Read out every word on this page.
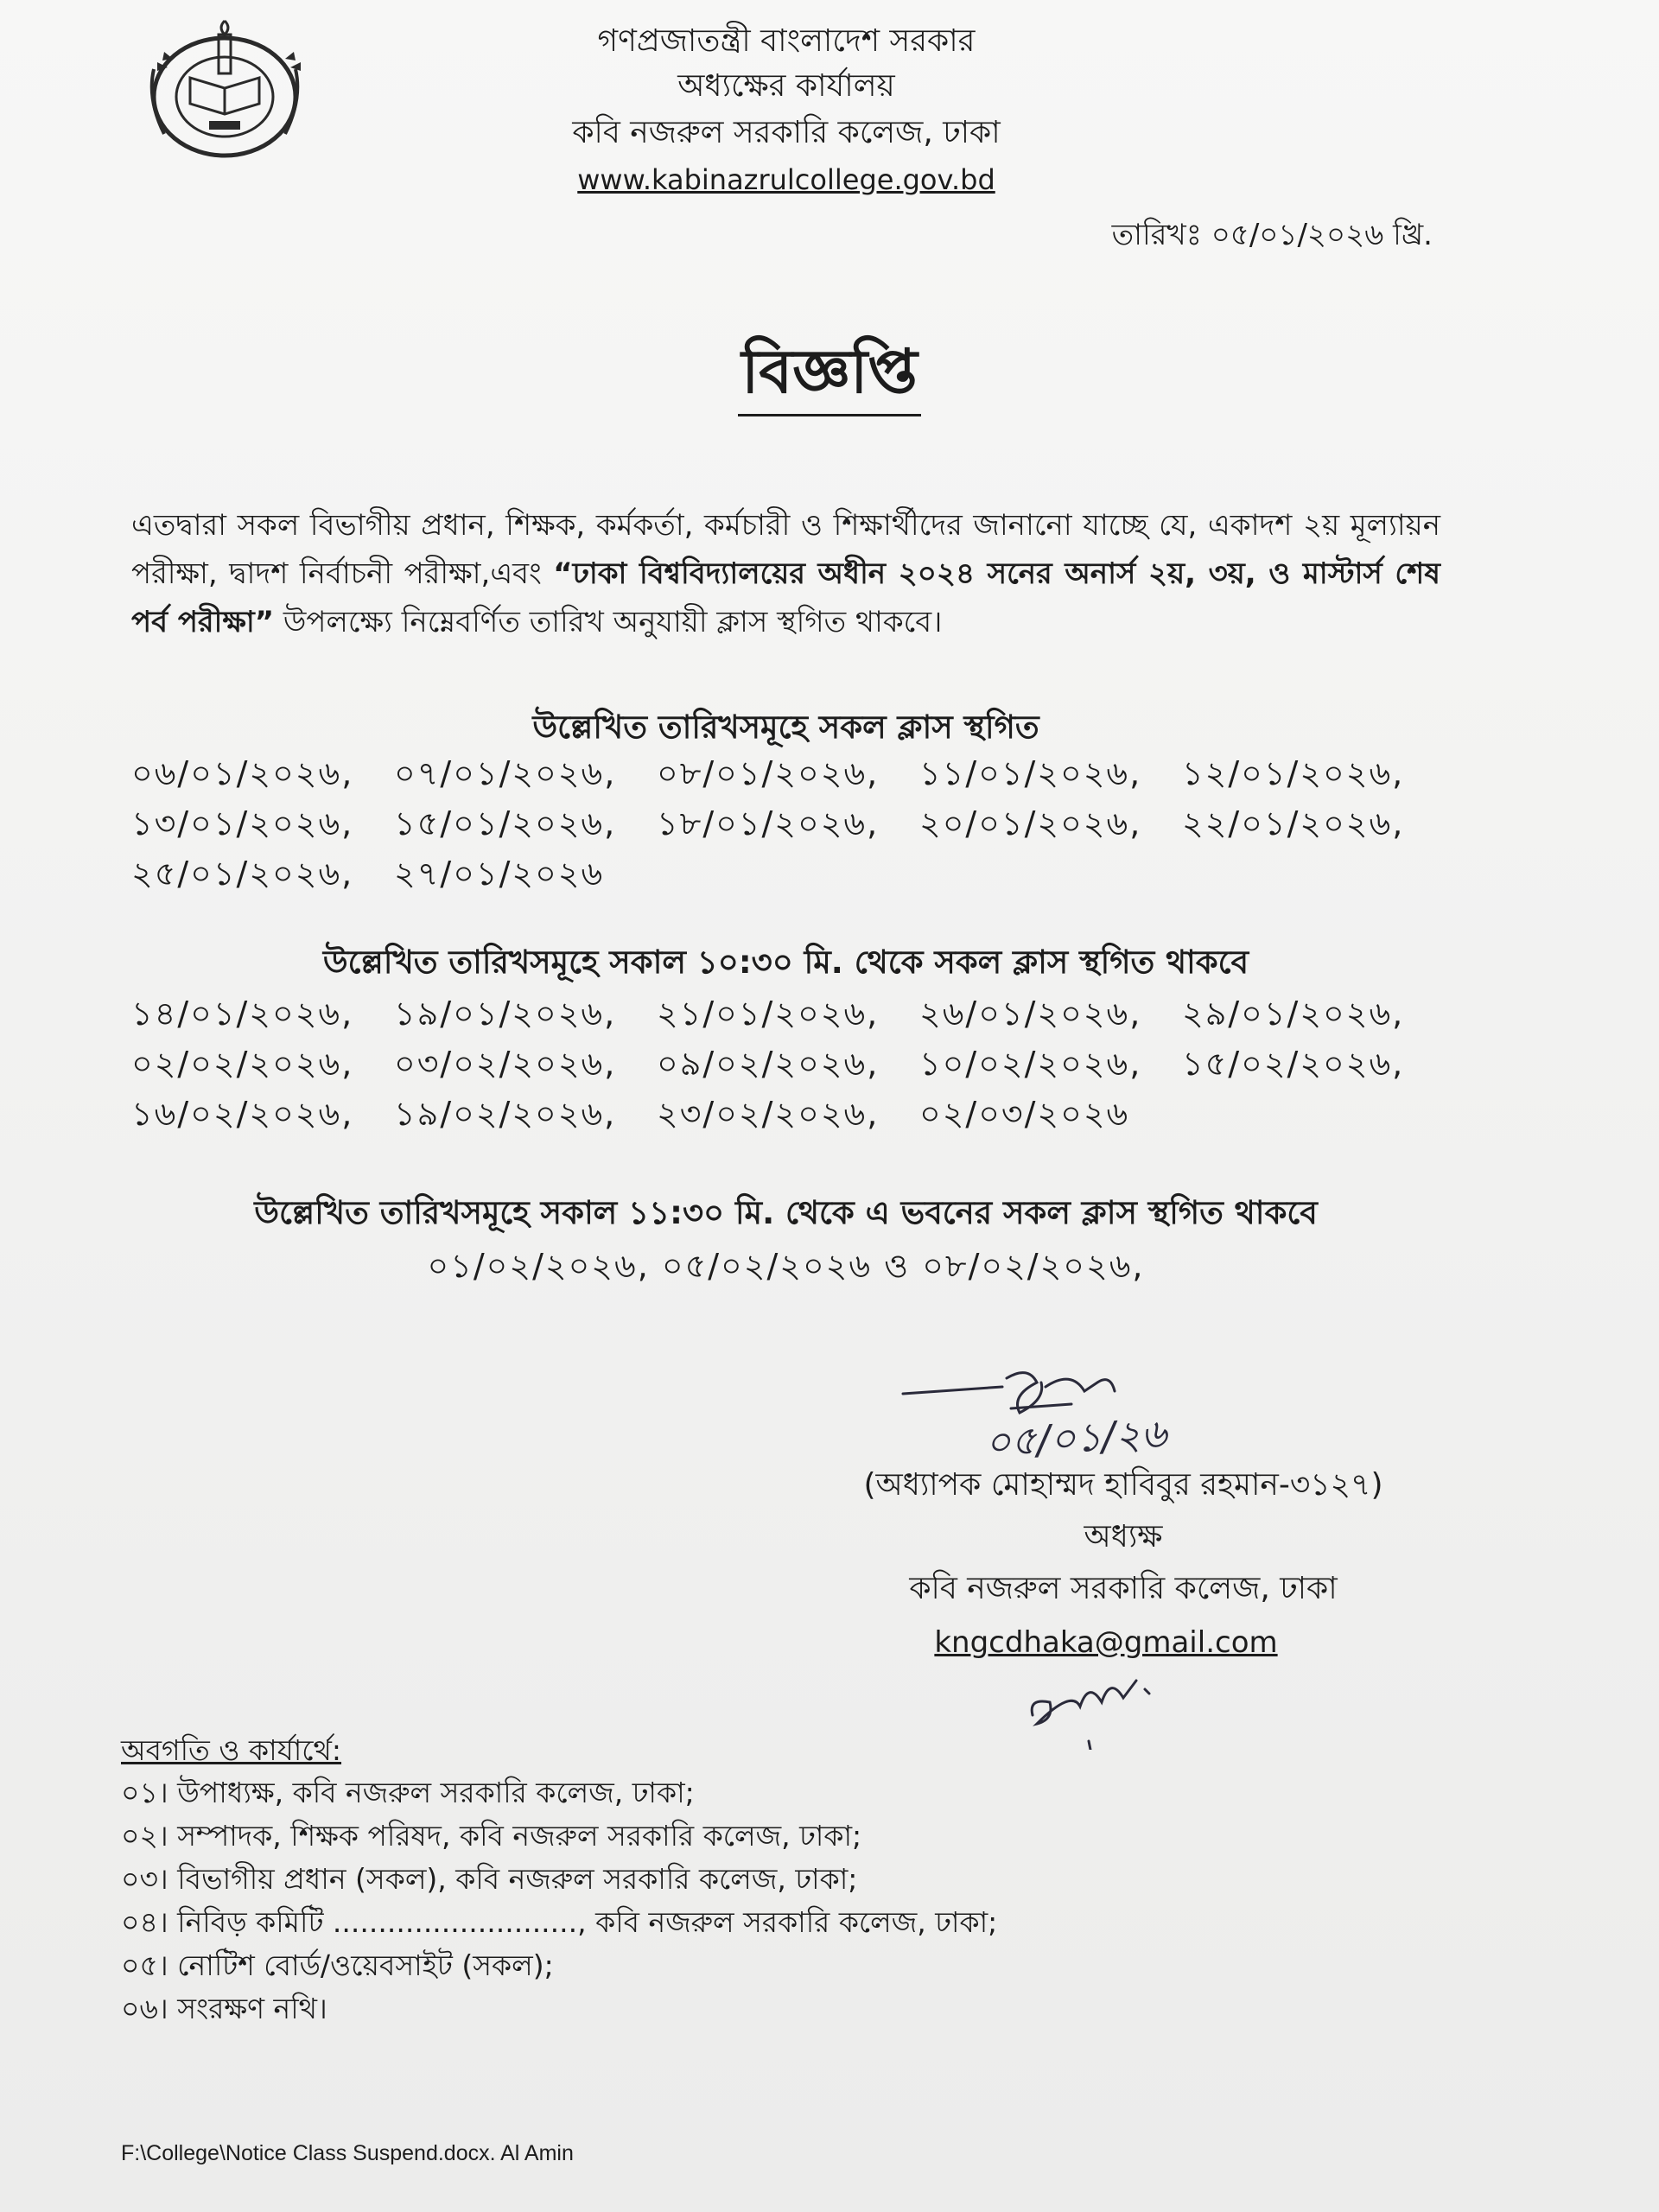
গণপ্রজাতন্ত্রী বাংলাদেশ সরকার
অধ্যক্ষের কার্যালয়
কবি নজরুল সরকারি কলেজ, ঢাকা
www.kabinazrulcollege.gov.bd
তারিখঃ ০৫/০১/২০২৬ খ্রি.
বিজ্ঞপ্তি
এতদ্বারা সকল বিভাগীয় প্রধান, শিক্ষক, কর্মকর্তা, কর্মচারী ও শিক্ষার্থীদের জানানো যাচ্ছে যে, একাদশ ২য় মূল্যায়ন পরীক্ষা, দ্বাদশ নির্বাচনী পরীক্ষা,এবং “ঢাকা বিশ্ববিদ্যালয়ের অধীন ২০২৪ সনের অনার্স ২য়, ৩য়, ও মাস্টার্স শেষ পর্ব পরীক্ষা” উপলক্ষ্যে নিম্নেবর্ণিত তারিখ অনুযায়ী ক্লাস স্থগিত থাকবে।
উল্লেখিত তারিখসমূহে সকল ক্লাস স্থগিত
০৬/০১/২০২৬,	০৭/০১/২০২৬,	০৮/০১/২০২৬,	১১/০১/২০২৬,	১২/০১/২০২৬,
১৩/০১/২০২৬,	১৫/০১/২০২৬,	১৮/০১/২০২৬,	২০/০১/২০২৬,	২২/০১/২০২৬,
২৫/০১/২০২৬,	২৭/০১/২০২৬
উল্লেখিত তারিখসমূহে সকাল ১০:৩০ মি. থেকে সকল ক্লাস স্থগিত থাকবে
১৪/০১/২০২৬,	১৯/০১/২০২৬,	২১/০১/২০২৬,	২৬/০১/২০২৬,	২৯/০১/২০২৬,
০২/০২/২০২৬,	০৩/০২/২০২৬,	০৯/০২/২০২৬,	১০/০২/২০২৬,	১৫/০২/২০২৬,
১৬/০২/২০২৬,	১৯/০২/২০২৬,	২৩/০২/২০২৬,	০২/০৩/২০২৬
উল্লেখিত তারিখসমূহে সকাল ১১:৩০ মি. থেকে এ ভবনের সকল ক্লাস স্থগিত থাকবে
০১/০২/২০২৬, ০৫/০২/২০২৬ ও ০৮/০২/২০২৬,
০৫/০১/২৬
(অধ্যাপক মোহাম্মদ হাবিবুর রহমান-৩১২৭)
অধ্যক্ষ
কবি নজরুল সরকারি কলেজ, ঢাকা
kngcdhaka@gmail.com
অবগতি ও কার্যার্থে:
০১। উপাধ্যক্ষ, কবি নজরুল সরকারি কলেজ, ঢাকা;
০২। সম্পাদক, শিক্ষক পরিষদ, কবি নজরুল সরকারি কলেজ, ঢাকা;
০৩। বিভাগীয় প্রধান (সকল), কবি নজরুল সরকারি কলেজ, ঢাকা;
০৪। নিবিড় কমিটি ..........................., কবি নজরুল সরকারি কলেজ, ঢাকা;
০৫। নোটিশ বোর্ড/ওয়েবসাইট (সকল);
০৬। সংরক্ষণ নথি।
F:\College\Notice Class Suspend.docx. Al Amin
